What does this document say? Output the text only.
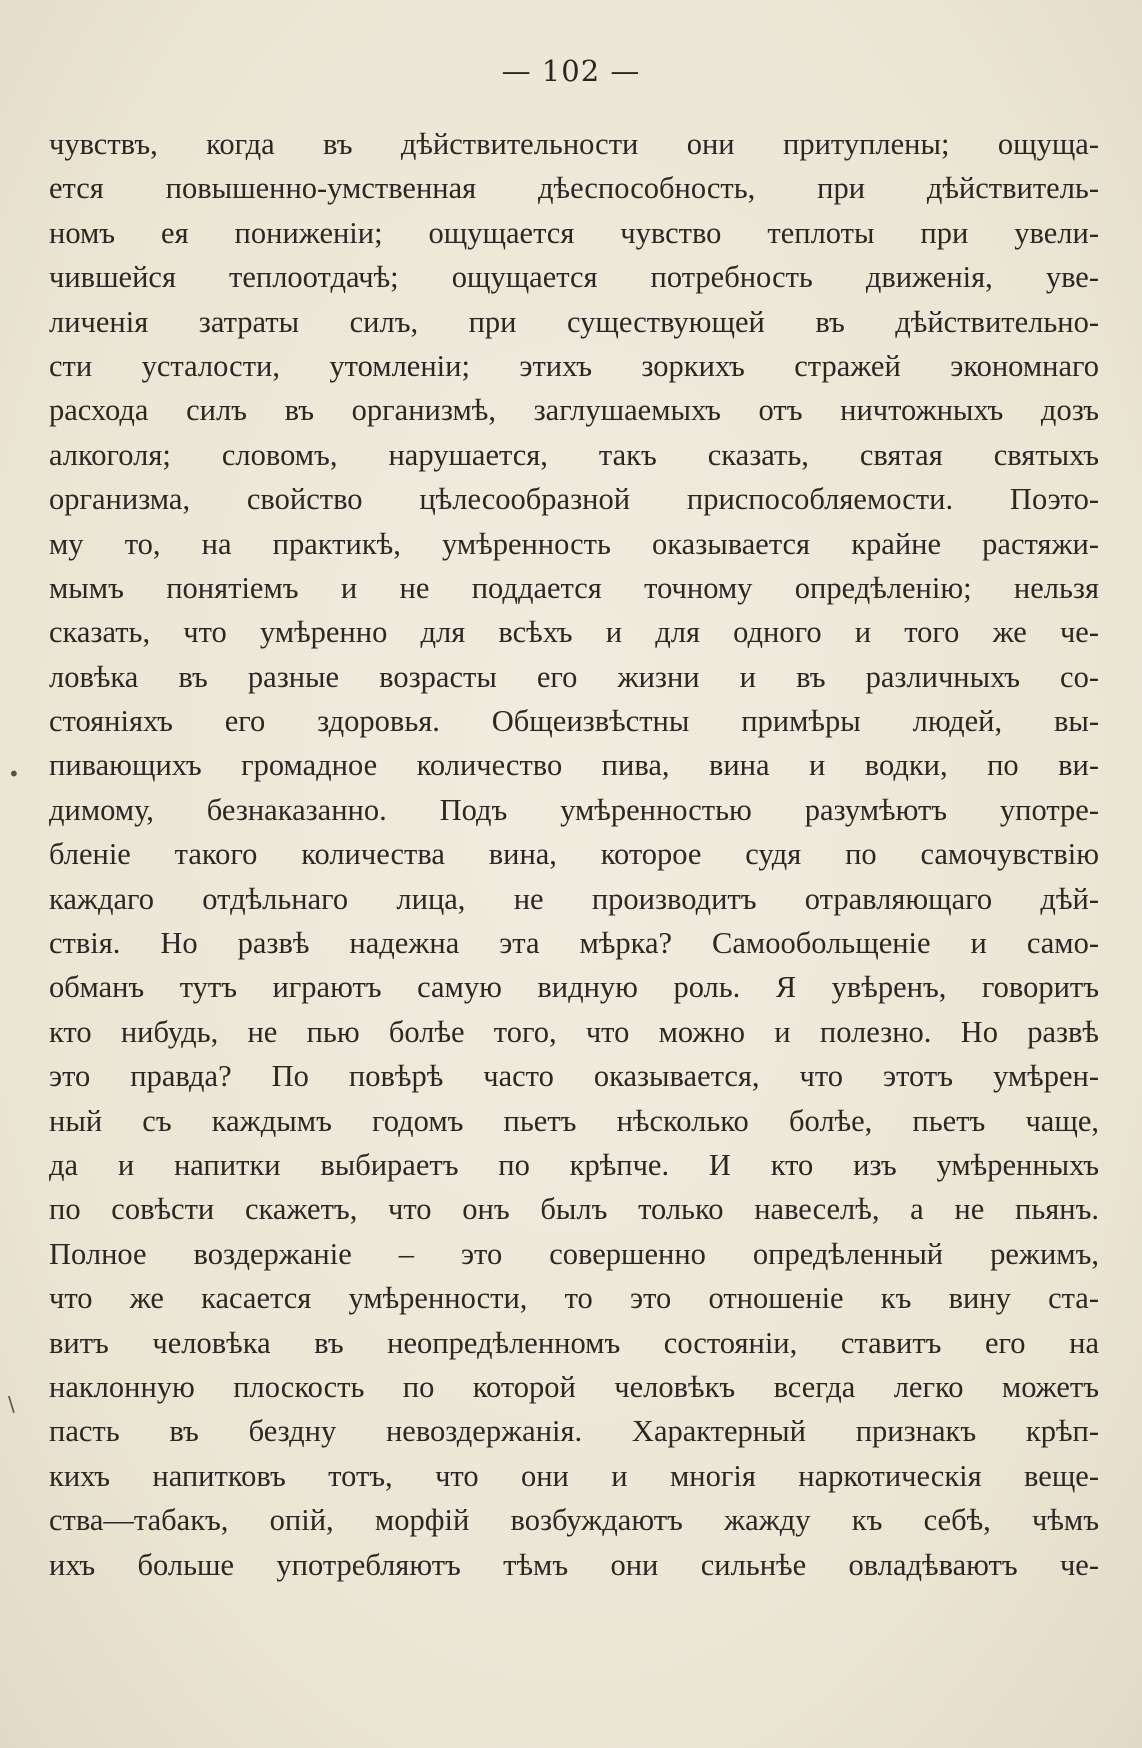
— 102 —

чувствъ, когда въ дѣйствительности они притуплены; ощуща-
ется повышенно-умственная дѣеспособность, при дѣйствитель-
номъ ея пониженіи; ощущается чувство теплоты при увели-
чившейся теплоотдачѣ; ощущается потребность движенія, уве-
личенія затраты силъ, при существующей въ дѣйствительно-
сти усталости, утомленіи; этихъ зоркихъ стражей экономнаго
расхода силъ въ организмѣ, заглушаемыхъ отъ ничтожныхъ дозъ
алкоголя; словомъ, нарушается, такъ сказать, святая святыхъ
организма, свойство цѣлесообразной приспособляемости. Поэто-
му то, на практикѣ, умѣренность оказывается крайне растяжи-
мымъ понятіемъ и не поддается точному опредѣленію; нельзя
сказать, что умѣренно для всѣхъ и для одного и того же че-
ловѣка въ разные возрасты его жизни и въ различныхъ со-
стояніяхъ его здоровья. Общеизвѣстны примѣры людей, вы-
пивающихъ громадное количество пива, вина и водки, по ви-
димому, безнаказанно. Подъ умѣренностью разумѣютъ употре-
бленіе такого количества вина, которое судя по самочувствію
каждаго отдѣльнаго лица, не производитъ отравляющаго дѣй-
ствія. Но развѣ надежна эта мѣрка? Самообольщеніе и само-
обманъ тутъ играютъ самую видную роль. Я увѣренъ, говоритъ
кто нибудь, не пью болѣе того, что можно и полезно. Но развѣ
это правда? По повѣрѣ часто оказывается, что этотъ умѣрен-
ный съ каждымъ годомъ пьетъ нѣсколько болѣе, пьетъ чаще,
да и напитки выбираетъ по крѣпче. И кто изъ умѣренныхъ
по совѣсти скажетъ, что онъ былъ только навеселѣ, а не пьянъ.
Полное воздержаніе – это совершенно опредѣленный режимъ,
что же касается умѣренности, то это отношеніе къ вину ста-
витъ человѣка въ неопредѣленномъ состояніи, ставитъ его на
наклонную плоскость по которой человѣкъ всегда легко можетъ
пасть въ бездну невоздержанія. Характерный признакъ крѣп-
кихъ напитковъ тотъ, что они и многія наркотическія веще-
ства—табакъ, опій, морфій возбуждаютъ жажду къ себѣ, чѣмъ
ихъ больше употребляютъ тѣмъ они сильнѣе овладѣваютъ че-
•
\
